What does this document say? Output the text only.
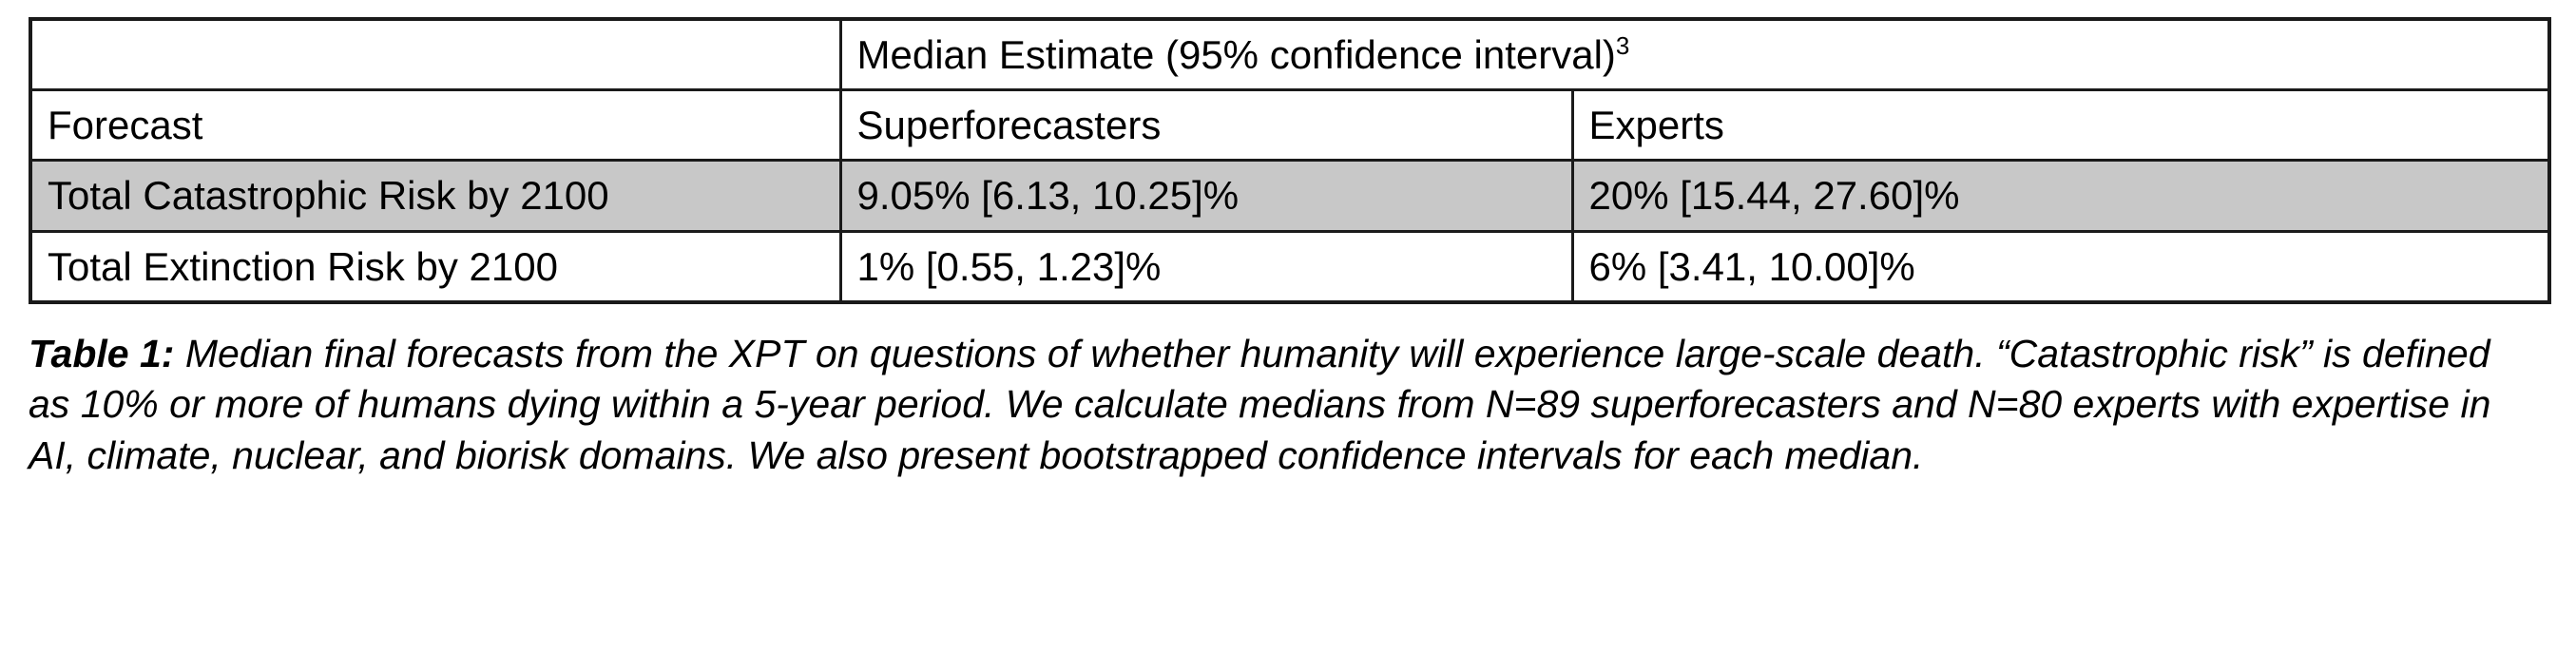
	Median Estimate (95% confidence interval)$^3$
Forecast	Superforecasters	Experts
Total Catastrophic Risk by 2100	9.05% [6.13, 10.25]%	20% [15.44, 27.60]%
Total Extinction Risk by 2100	1% [0.55, 1.23]%	6% [3.41, 10.00]%
Table 1: Median final forecasts from the XPT on questions of whether humanity will experience large-scale death. “Catastrophic risk” is defined as 10% or more of humans dying within a 5-year period. We calculate medians from N=89 superforecasters and N=80 experts with expertise in AI, climate, nuclear, and biorisk domains. We also present bootstrapped confidence intervals for each median.
